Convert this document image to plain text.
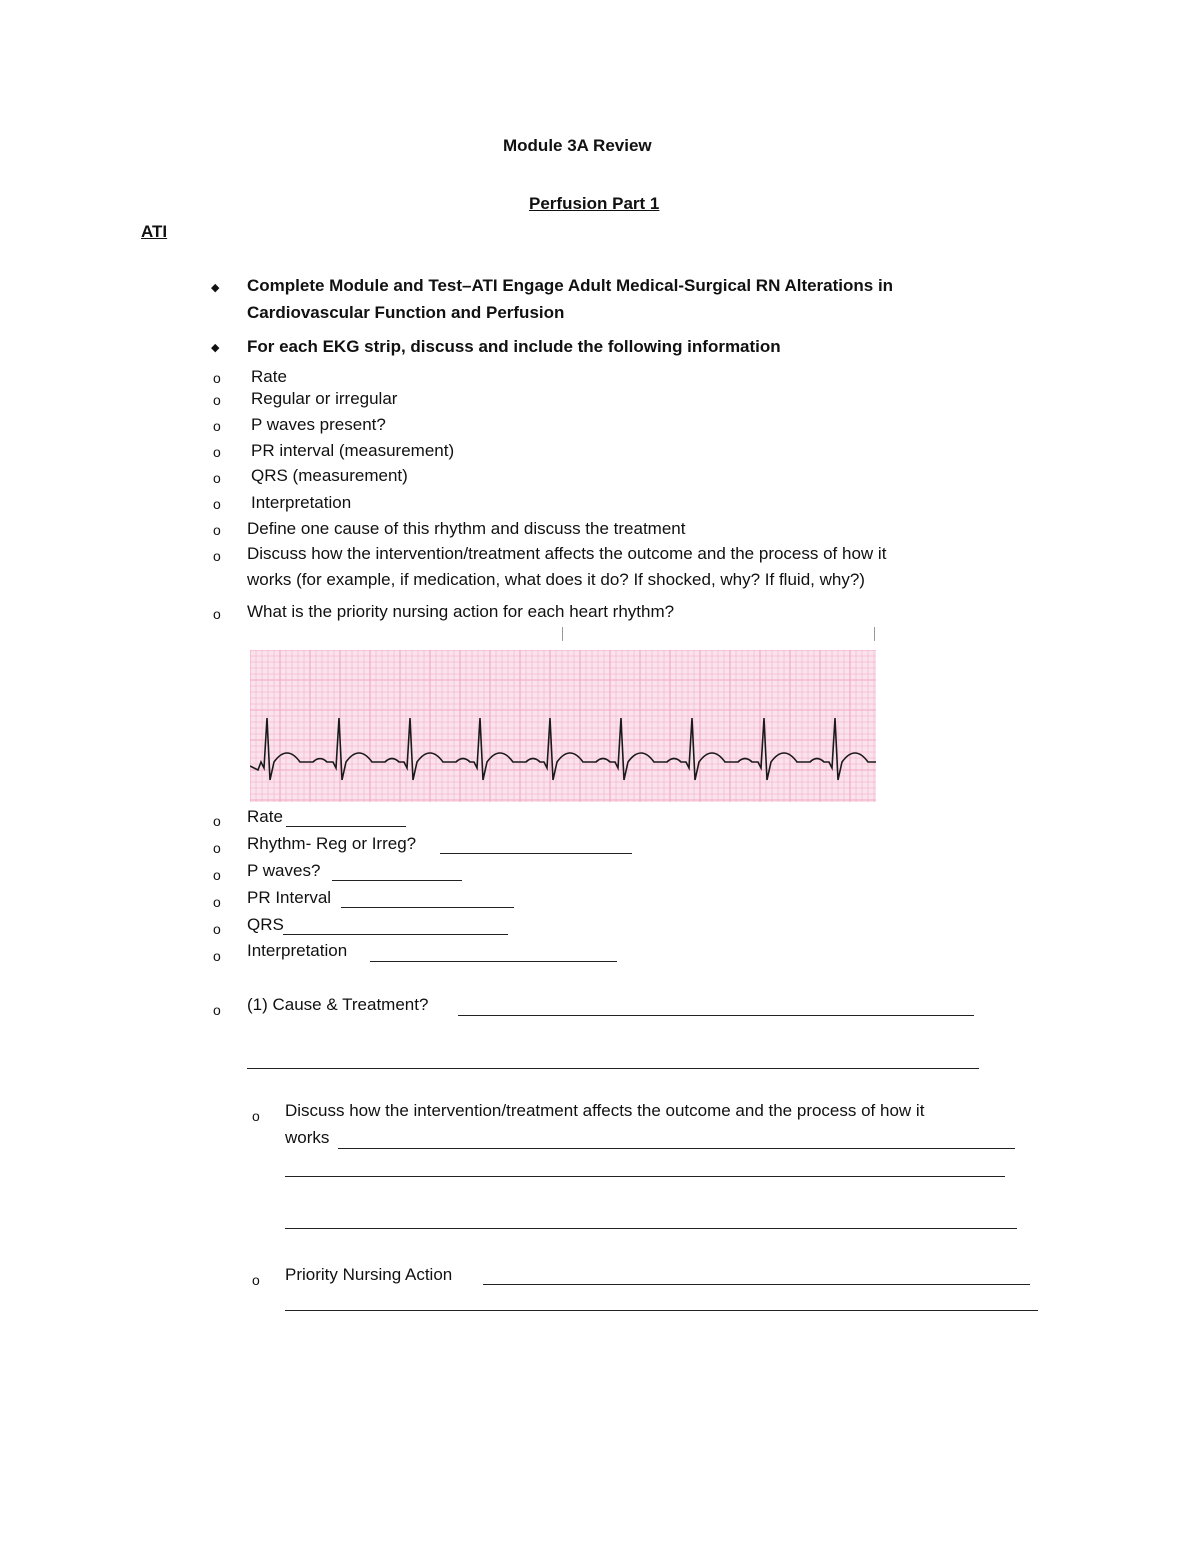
Module 3A Review
Perfusion Part 1
ATI
◆ Complete Module and Test–ATI Engage Adult Medical-Surgical RN Alterations in
Cardiovascular Function and Perfusion
◆ For each EKG strip, discuss and include the following information
o Rate
o Regular or irregular
o P waves present?
o PR interval (measurement)
o QRS (measurement)
o Interpretation
o Define one cause of this rhythm and discuss the treatment
o Discuss how the intervention/treatment affects the outcome and the process of how it
works (for example, if medication, what does it do? If shocked, why? If fluid, why?)
o What is the priority nursing action for each heart rhythm?
o Rate
o Rhythm- Reg or Irreg?
o P waves?
o PR Interval
o QRS
o Interpretation
o (1) Cause & Treatment?
o Discuss how the intervention/treatment affects the outcome and the process of how it
works
o Priority Nursing Action
